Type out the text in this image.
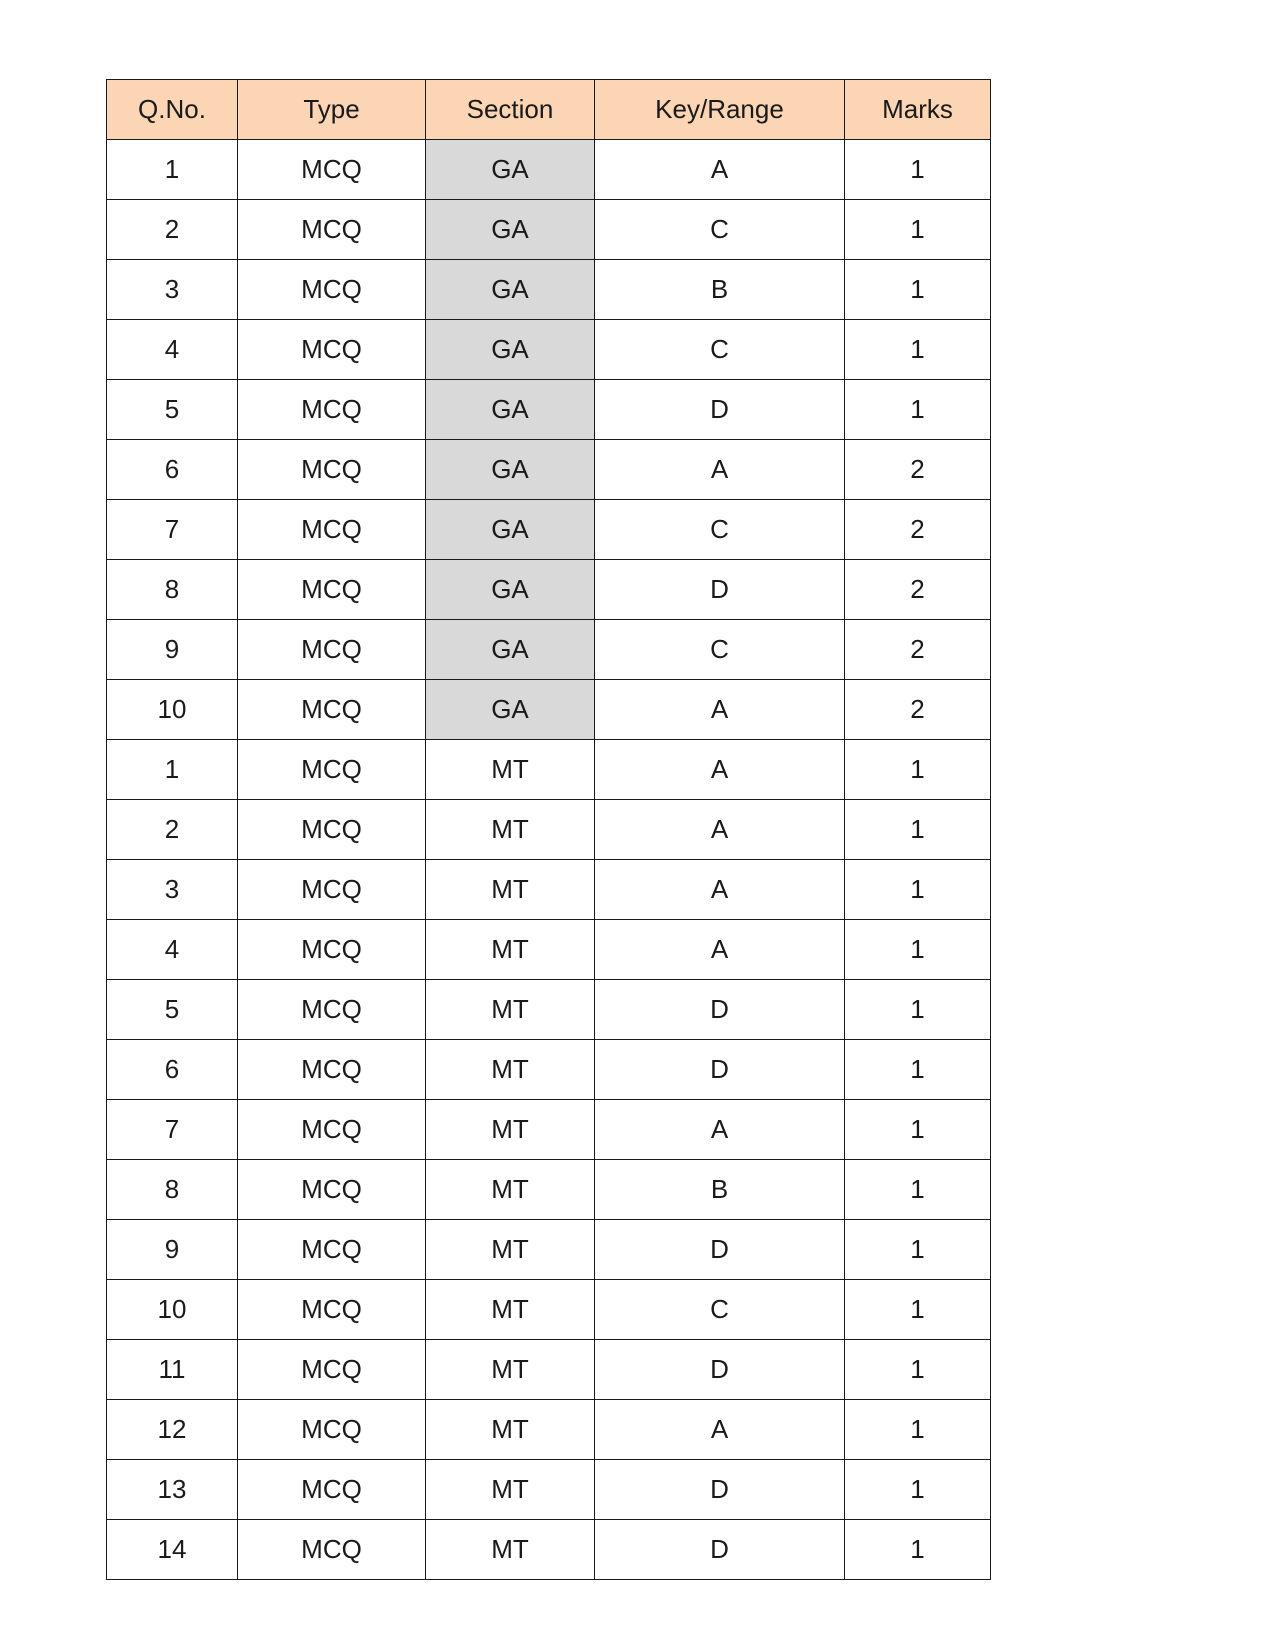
Q.No.	Type	Section	Key/Range	Marks
1	MCQ	GA	A	1
2	MCQ	GA	C	1
3	MCQ	GA	B	1
4	MCQ	GA	C	1
5	MCQ	GA	D	1
6	MCQ	GA	A	2
7	MCQ	GA	C	2
8	MCQ	GA	D	2
9	MCQ	GA	C	2
10	MCQ	GA	A	2
1	MCQ	MT	A	1
2	MCQ	MT	A	1
3	MCQ	MT	A	1
4	MCQ	MT	A	1
5	MCQ	MT	D	1
6	MCQ	MT	D	1
7	MCQ	MT	A	1
8	MCQ	MT	B	1
9	MCQ	MT	D	1
10	MCQ	MT	C	1
11	MCQ	MT	D	1
12	MCQ	MT	A	1
13	MCQ	MT	D	1
14	MCQ	MT	D	1
